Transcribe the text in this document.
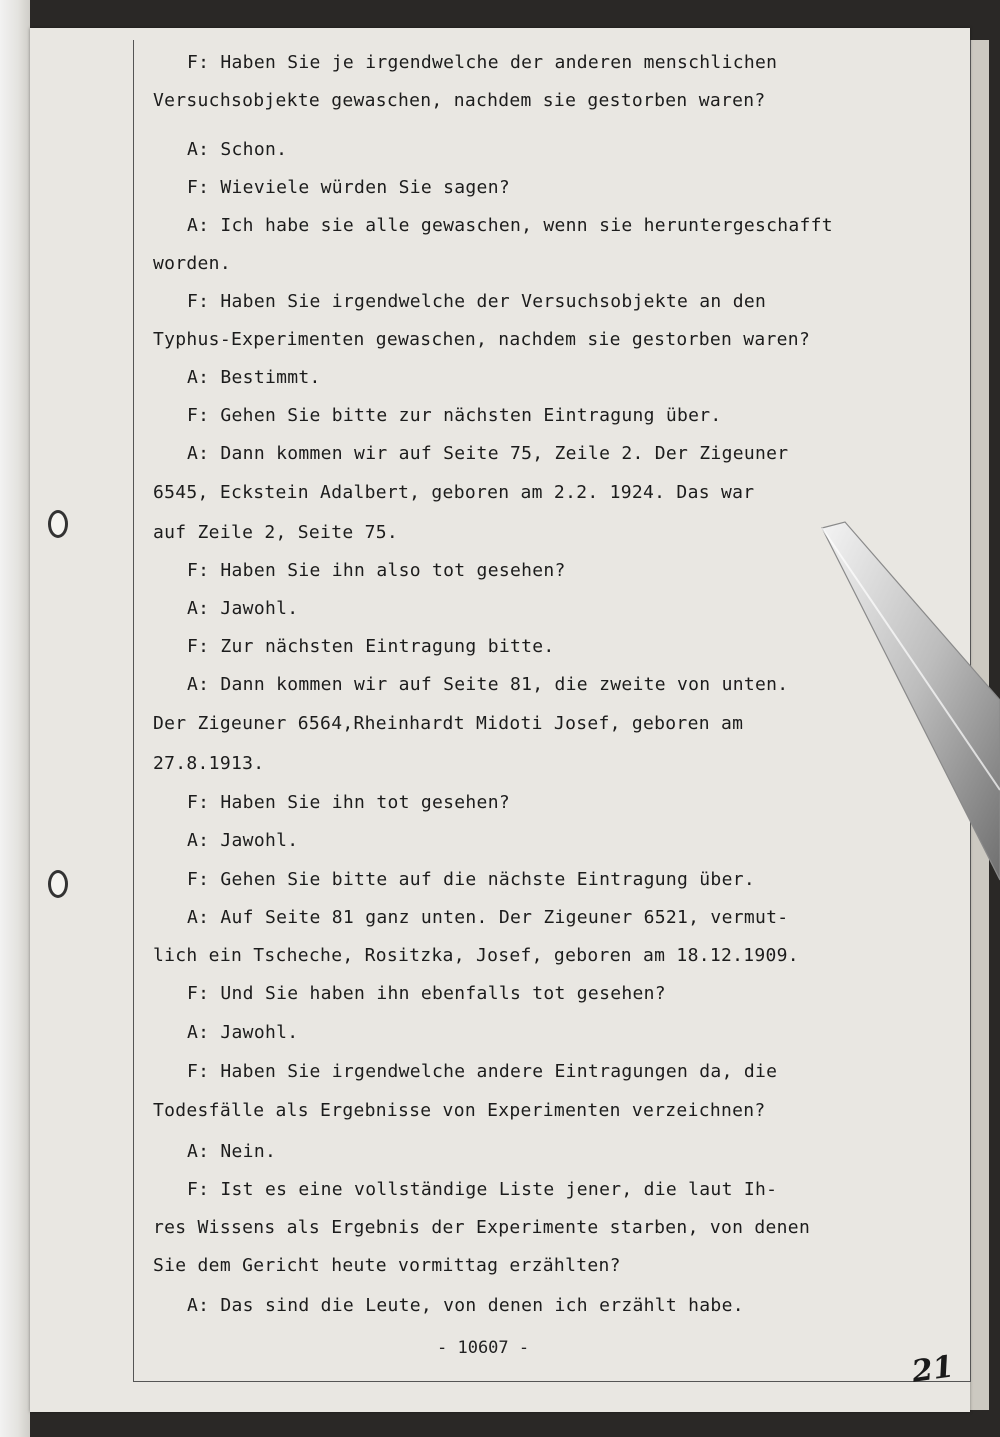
F: Haben Sie je irgendwelche der anderen menschlichen
Versuchsobjekte gewaschen, nachdem sie gestorben waren?
A: Schon.
F: Wieviele würden Sie sagen?
A: Ich habe sie alle gewaschen, wenn sie heruntergeschafft
worden.
F: Haben Sie irgendwelche der Versuchsobjekte an den
Typhus-Experimenten gewaschen, nachdem sie gestorben waren?
A: Bestimmt.
F: Gehen Sie bitte zur nächsten Eintragung über.
A: Dann kommen wir auf Seite 75, Zeile 2. Der Zigeuner
6545, Eckstein Adalbert, geboren am 2.2. 1924. Das war
auf Zeile 2, Seite 75.
F: Haben Sie ihn also tot gesehen?
A: Jawohl.
F: Zur nächsten Eintragung bitte.
A: Dann kommen wir auf Seite 81, die zweite von unten.
Der Zigeuner 6564,Rheinhardt Midoti Josef, geboren am
27.8.1913.
F: Haben Sie ihn tot gesehen?
A: Jawohl.
F: Gehen Sie bitte auf die nächste Eintragung über.
A: Auf Seite 81 ganz unten. Der Zigeuner 6521, vermut-
lich ein Tscheche, Rositzka, Josef, geboren am 18.12.1909.
F: Und Sie haben ihn ebenfalls tot gesehen?
A: Jawohl.
F: Haben Sie irgendwelche andere Eintragungen da, die
Todesfälle als Ergebnisse von Experimenten verzeichnen?
A: Nein.
F: Ist es eine vollständige Liste jener, die laut Ih-
res Wissens als Ergebnis der Experimente starben, von denen
Sie dem Gericht heute vormittag erzählten?
A: Das sind die Leute, von denen ich erzählt habe.
- 10607 -
21
